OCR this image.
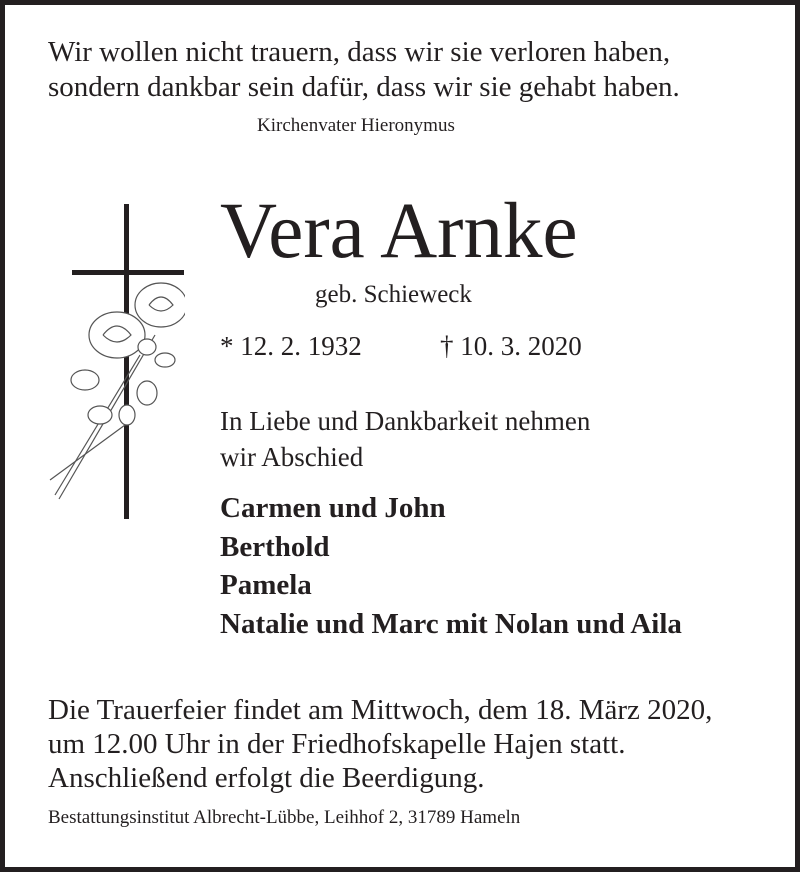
Wir wollen nicht trauern, dass wir sie verloren haben,
sondern dankbar sein dafür, dass wir sie gehabt haben.
Kirchenvater Hieronymus
Vera Arnke
geb. Schieweck
* 12. 2. 1932	† 10. 3. 2020
In Liebe und Dankbarkeit nehmen
wir Abschied
Carmen und John
Berthold
Pamela
Natalie und Marc mit Nolan und Aila
Die Trauerfeier findet am Mittwoch, dem 18. März 2020,
um 12.00 Uhr in der Friedhofskapelle Hajen statt.
Anschließend erfolgt die Beerdigung.
Bestattungsinstitut Albrecht-Lübbe, Leihhof 2, 31789 Hameln
